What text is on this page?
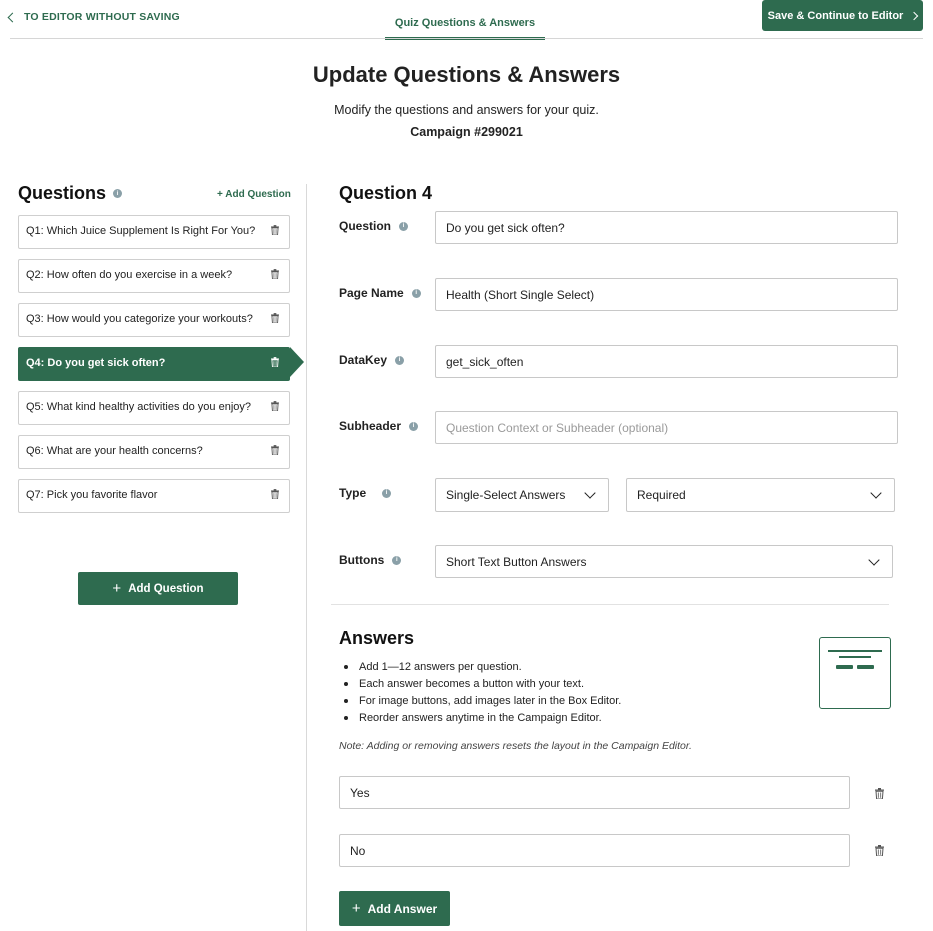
TO EDITOR WITHOUT SAVING	Quiz Questions & Answers
Save & Continue to Editor
Update Questions & Answers
Modify the questions and answers for your quiz.
Campaign #299021
Questions	i	+ Add Question
Q1: Which Juice Supplement Is Right For You?
Q2: How often do you exercise in a week?
Q3: How would you categorize your workouts?
Q4: Do you get sick often?
Q5: What kind healthy activities do you enjoy?
Q6: What are your health concerns?
Q7: Pick you favorite flavor
+ Add Question
Question 4
Question	i
Do you get sick often?
Page Name	i
Health (Short Single Select)
DataKey	i
get_sick_often
Subheader	i
Question Context or Subheader (optional)
Type	i	Single-Select Answers	Required
Buttons	i	Short Text Button Answers
Answers
Add 1—12 answers per question.
Each answer becomes a button with your text.
For image buttons, add images later in the Box Editor.
Reorder answers anytime in the Campaign Editor.
Note: Adding or removing answers resets the layout in the Campaign Editor.
Yes
No
+ Add Answer
